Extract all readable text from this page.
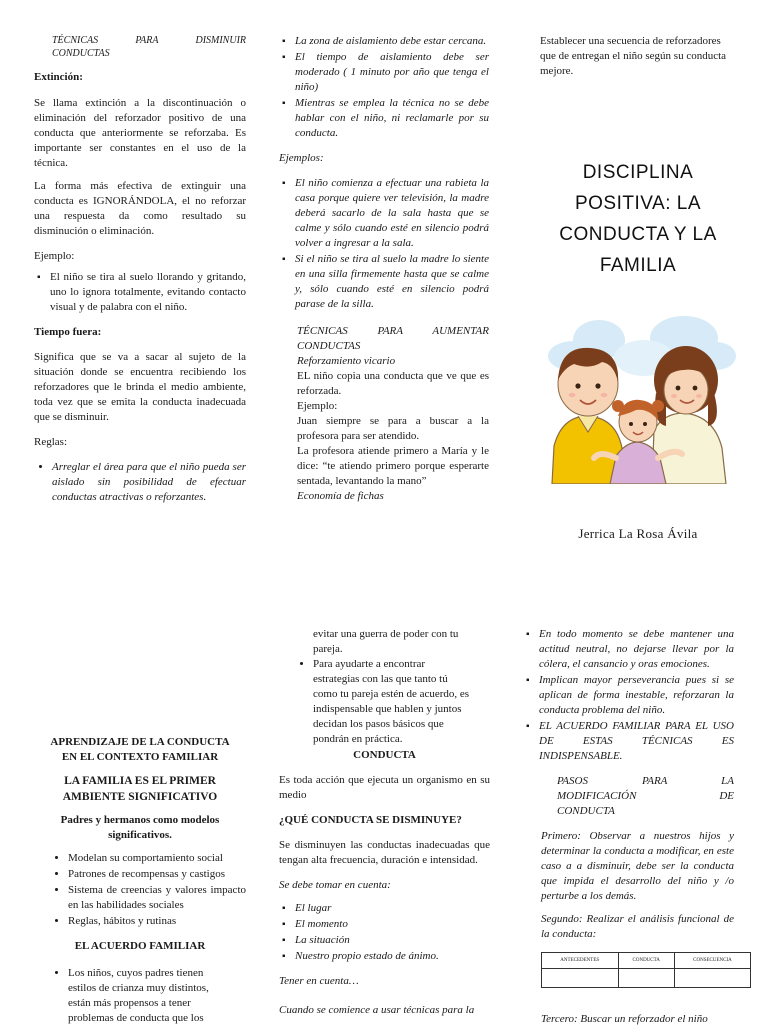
TÉCNICAS	PARA	DISMINUIR
CONDUCTAS
Extinción:

Se llama extinción a la discontinuación o eliminación del reforzador positivo de una conducta que anteriormente se reforzaba. Es importante ser constantes en el uso de la técnica.

La forma más efectiva de extinguir una conducta es IGNORÁNDOLA, el no reforzar una respuesta da como resultado su disminución o eliminación.

Ejemplo:
▪ El niño se tira al suelo llorando y gritando, uno lo ignora totalmente, evitando contacto visual y de palabra con el niño.
Tiempo fuera:

Significa que se va a sacar al sujeto de la situación donde se encuentra recibiendo los reforzadores que le brinda el medio ambiente, toda vez que se emita la conducta inadecuada que se disminuir.

Reglas:
• Arreglar el área para que el niño pueda ser aislado sin posibilidad de efectuar conductas atractivas o reforzantes.
▪ La zona de aislamiento debe estar cercana.
▪ El tiempo de aislamiento debe ser moderado ( 1 minuto por año que tenga el niño)
▪ Mientras se emplea la técnica no se debe hablar con el niño, ni reclamarle por su conducta.
Ejemplos:
▪ El niño comienza a efectuar una rabieta la casa porque quiere ver televisión, la madre deberá sacarlo de la sala hasta que se calme y sólo cuando esté en silencio podrá volver a ingresar a la sala.
▪ Si el niño se tira al suelo la madre lo siente en una silla firmemente hasta que se calme y, sólo cuando esté en silencio podrá parase de la silla.
TÉCNICAS	PARA	AUMENTAR
CONDUCTAS
Reforzamiento vicario
EL niño copia una conducta que ve que es reforzada.
Ejemplo:
Juan siempre se para a buscar a la profesora para ser atendido.
La profesora atiende primero a María y le dice: “te atiendo primero porque esperarte sentada, levantando la mano”
Economía de fichas

Establecer una secuencia de reforzadores que de entregan el niño según su conducta mejore.

DISCIPLINA
POSITIVA: LA
CONDUCTA Y LA
FAMILIA
Jerrica La Rosa Ávila
APRENDIZAJE DE LA CONDUCTA EN EL CONTEXTO FAMILIAR
LA FAMILIA ES EL PRIMER AMBIENTE SIGNIFICATIVO
Padres y hermanos como modelos significativos.
• Modelan su comportamiento social
• Patrones de recompensas y castigos
• Sistema de creencias y valores impacto en las habilidades sociales
• Reglas, hábitos y rutinas
EL ACUERDO FAMILIAR
• Los niños, cuyos padres tienen estilos de crianza muy distintos, están más propensos a tener problemas de conducta que los
evitar una guerra de poder con tu pareja.
• Para ayudarte a encontrar estrategias con las que tanto tú como tu pareja estén de acuerdo, es indispensable que hablen y juntos decidan los pasos básicos que pondrán en práctica.
CONDUCTA

Es toda acción que ejecuta un organismo en su medio

¿QUÉ CONDUCTA SE DISMINUYE?

Se disminuyen las conductas inadecuadas que tengan alta frecuencia, duración e intensidad.

Se debe tomar en cuenta:
▪ El lugar
▪ El momento
▪ La situación
▪ Nuestro propio estado de ánimo.
Tener en cuenta…
Cuando se comience a usar técnicas para la
▪ En todo momento se debe mantener una actitud neutral, no dejarse llevar por la cólera, el cansancio y oras emociones.
▪ Implican mayor perseverancia pues si se aplican de forma inestable, reforzaran la conducta problema del niño.
▪ EL ACUERDO FAMILIAR PARA EL USO DE ESTAS TÉCNICAS ES INDISPENSABLE.
PASOS	PARA	LA
MODIFICACIÓN	DE
CONDUCTA

Primero: Observar a nuestros hijos y determinar la conducta a modificar, en este caso a a disminuir, debe ser la conducta que impida el desarrollo del niño y /o perturbe a los demás.

Segundo: Realizar el análisis funcional de la conducta:

ANTECEDENTES	CONDUCTA	CONSECUENCIA

Tercero: Buscar un reforzador el niño
